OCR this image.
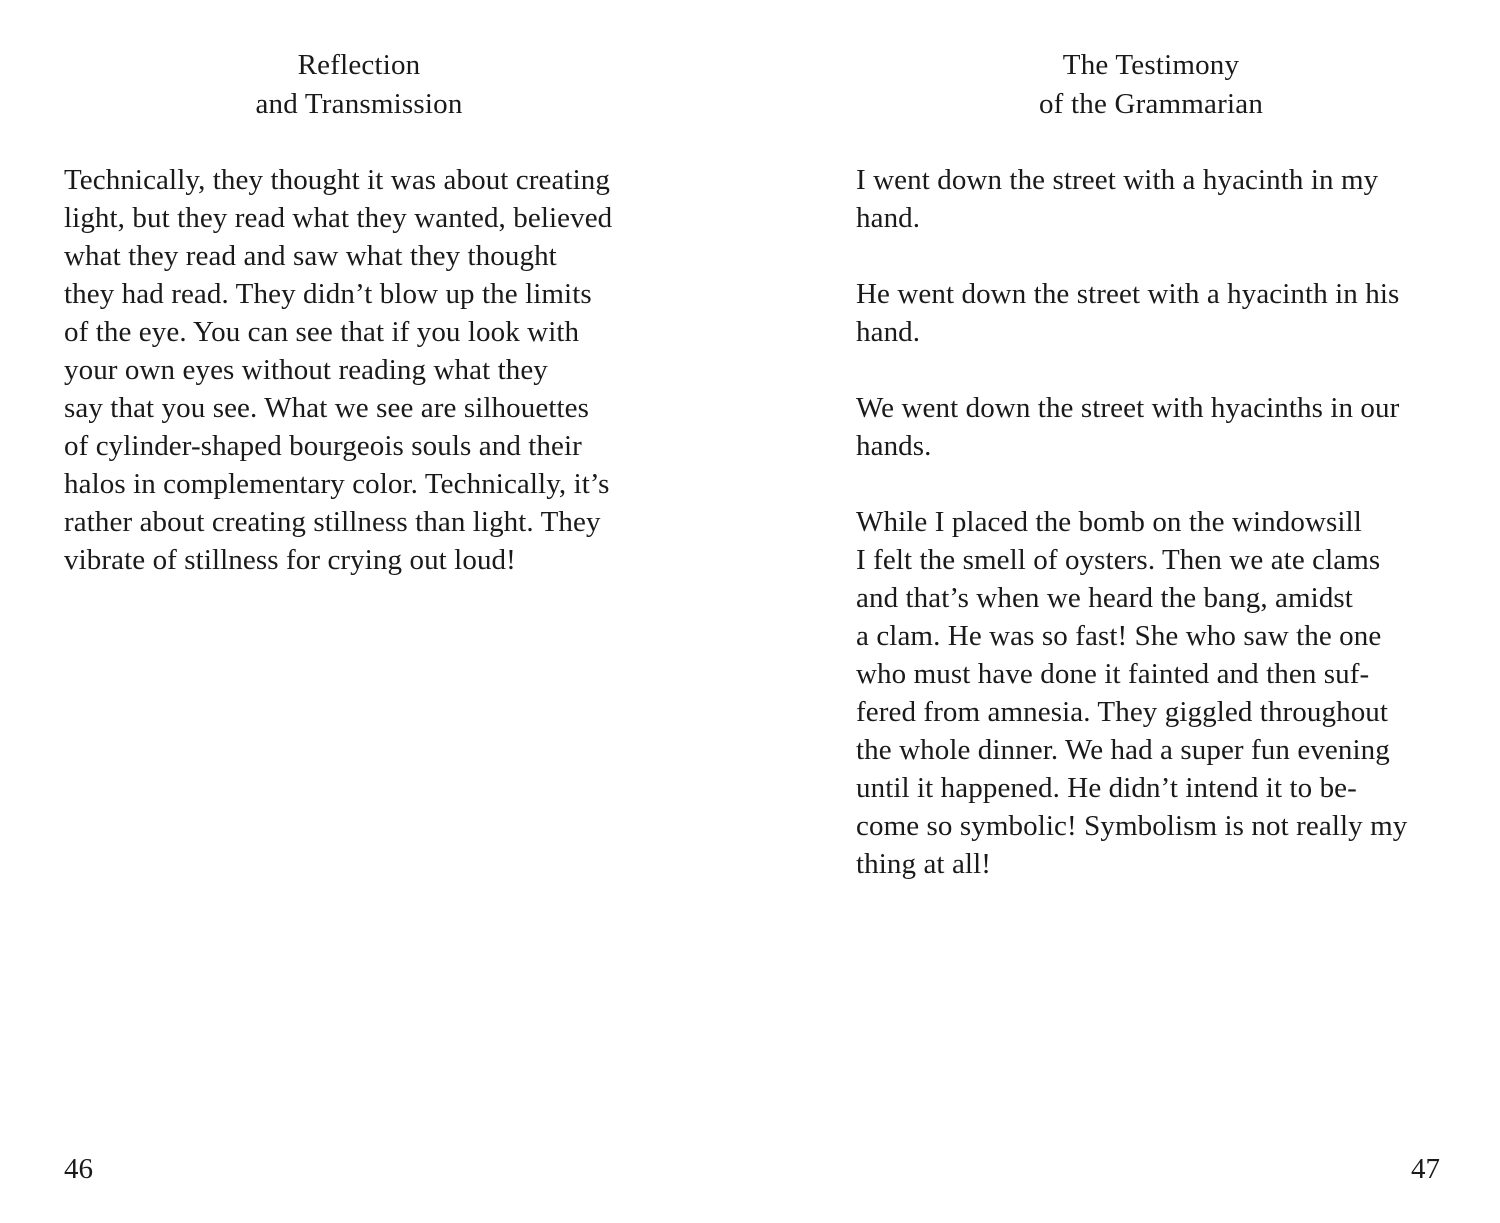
Reflection
and Transmission
Technically, they thought it was about creating
light, but they read what they wanted, believed
what they read and saw what they thought
they had read. They didn’t blow up the limits
of the eye. You can see that if you look with
your own eyes without reading what they
say that you see. What we see are silhouettes
of cylinder-shaped bourgeois souls and their
halos in complementary color. Technically, it’s
rather about creating stillness than light. They
vibrate of stillness for crying out loud!
46
The Testimony
of the Grammarian
I went down the street with a hyacinth in my
hand.
He went down the street with a hyacinth in his
hand.
We went down the street with hyacinths in our
hands.
While I placed the bomb on the windowsill
I felt the smell of oysters. Then we ate clams
and that’s when we heard the bang, amidst
a clam. He was so fast! She who saw the one
who must have done it fainted and then suf-
fered from amnesia. They giggled throughout
the whole dinner. We had a super fun evening
until it happened. He didn’t intend it to be-
come so symbolic! Symbolism is not really my
thing at all!
47
